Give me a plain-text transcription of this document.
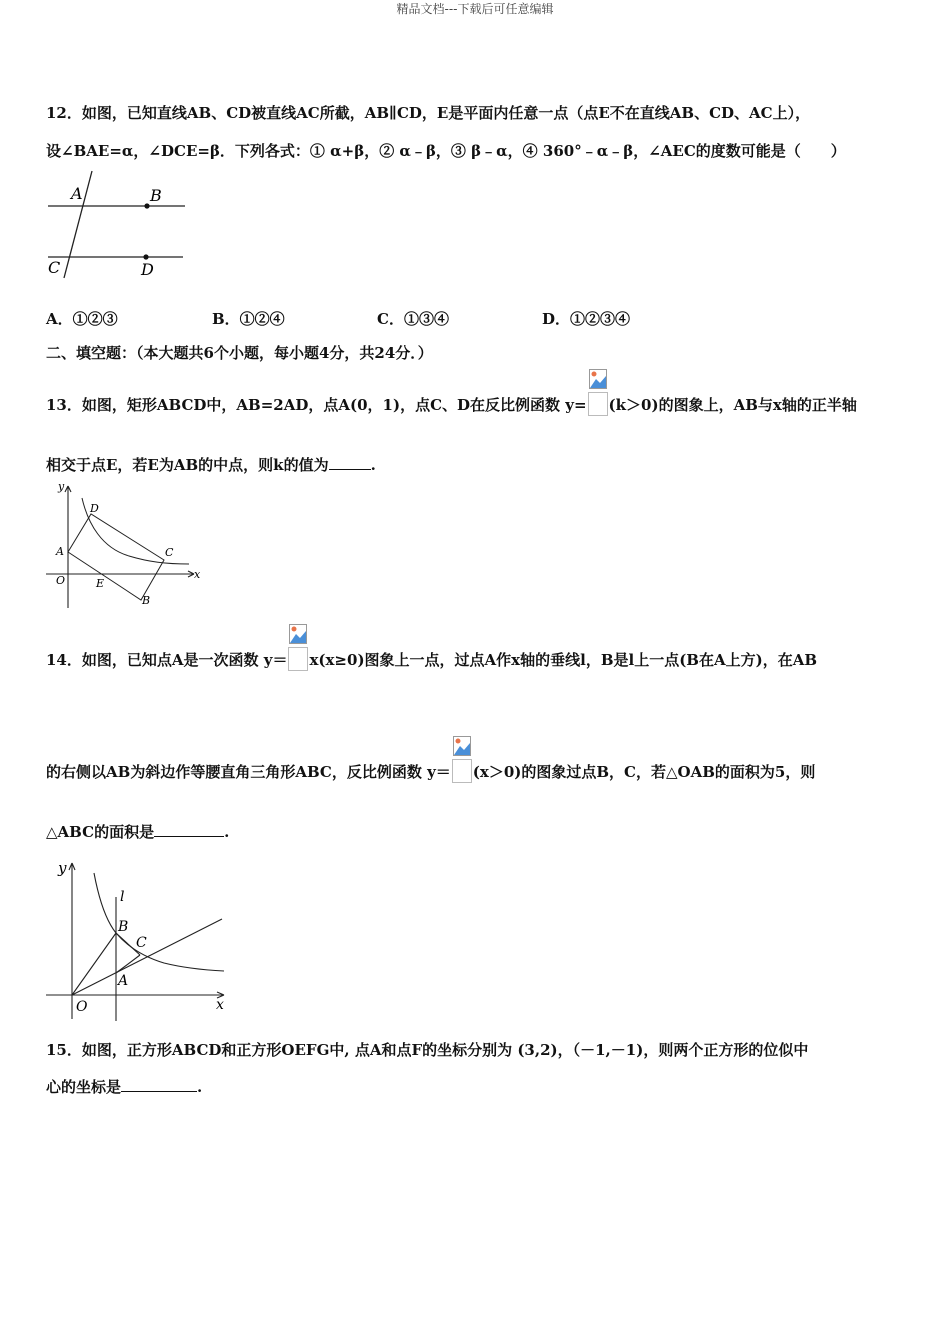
精品文档---下载后可任意编辑
12．如图，已知直线AB、CD被直线AC所截，AB∥CD，E是平面内任意一点（点E不在直线AB、CD、AC上），
设∠BAE=α，∠DCE=β．下列各式：① α+β，② α﹣β，③ β﹣α，④ 360°﹣α﹣β，∠AEC的度数可能是（　　）
A	B
C	D
A．①②③	B．①②④	C．①③④	D．①②③④
二、填空题：（本大题共6个小题，每小题4分，共24分．）
13．如图，矩形ABCD中，AB=2AD，点A(0，1)，点C、D在反比例函数 y= (k＞0)的图象上，AB与x轴的正半轴
相交于点E，若E为AB的中点，则k的值为	.
y
x
D
C
A
O	E
B
14．如图，已知点A是一次函数 y＝ x(x≥0)图象上一点，过点A作x轴的垂线l，B是l上一点(B在A上方)，在AB
的右侧以AB为斜边作等腰直角三角形ABC，反比例函数 y＝ (x＞0)的图象过点B，C，若△OAB的面积为5，则
△ABC的面积是	.
y
l
B
C
A
O	x
15．如图，正方形ABCD和正方形OEFG中, 点A和点F的坐标分别为 (3,2)，（－1,－1)，则两个正方形的位似中
心的坐标是	.
